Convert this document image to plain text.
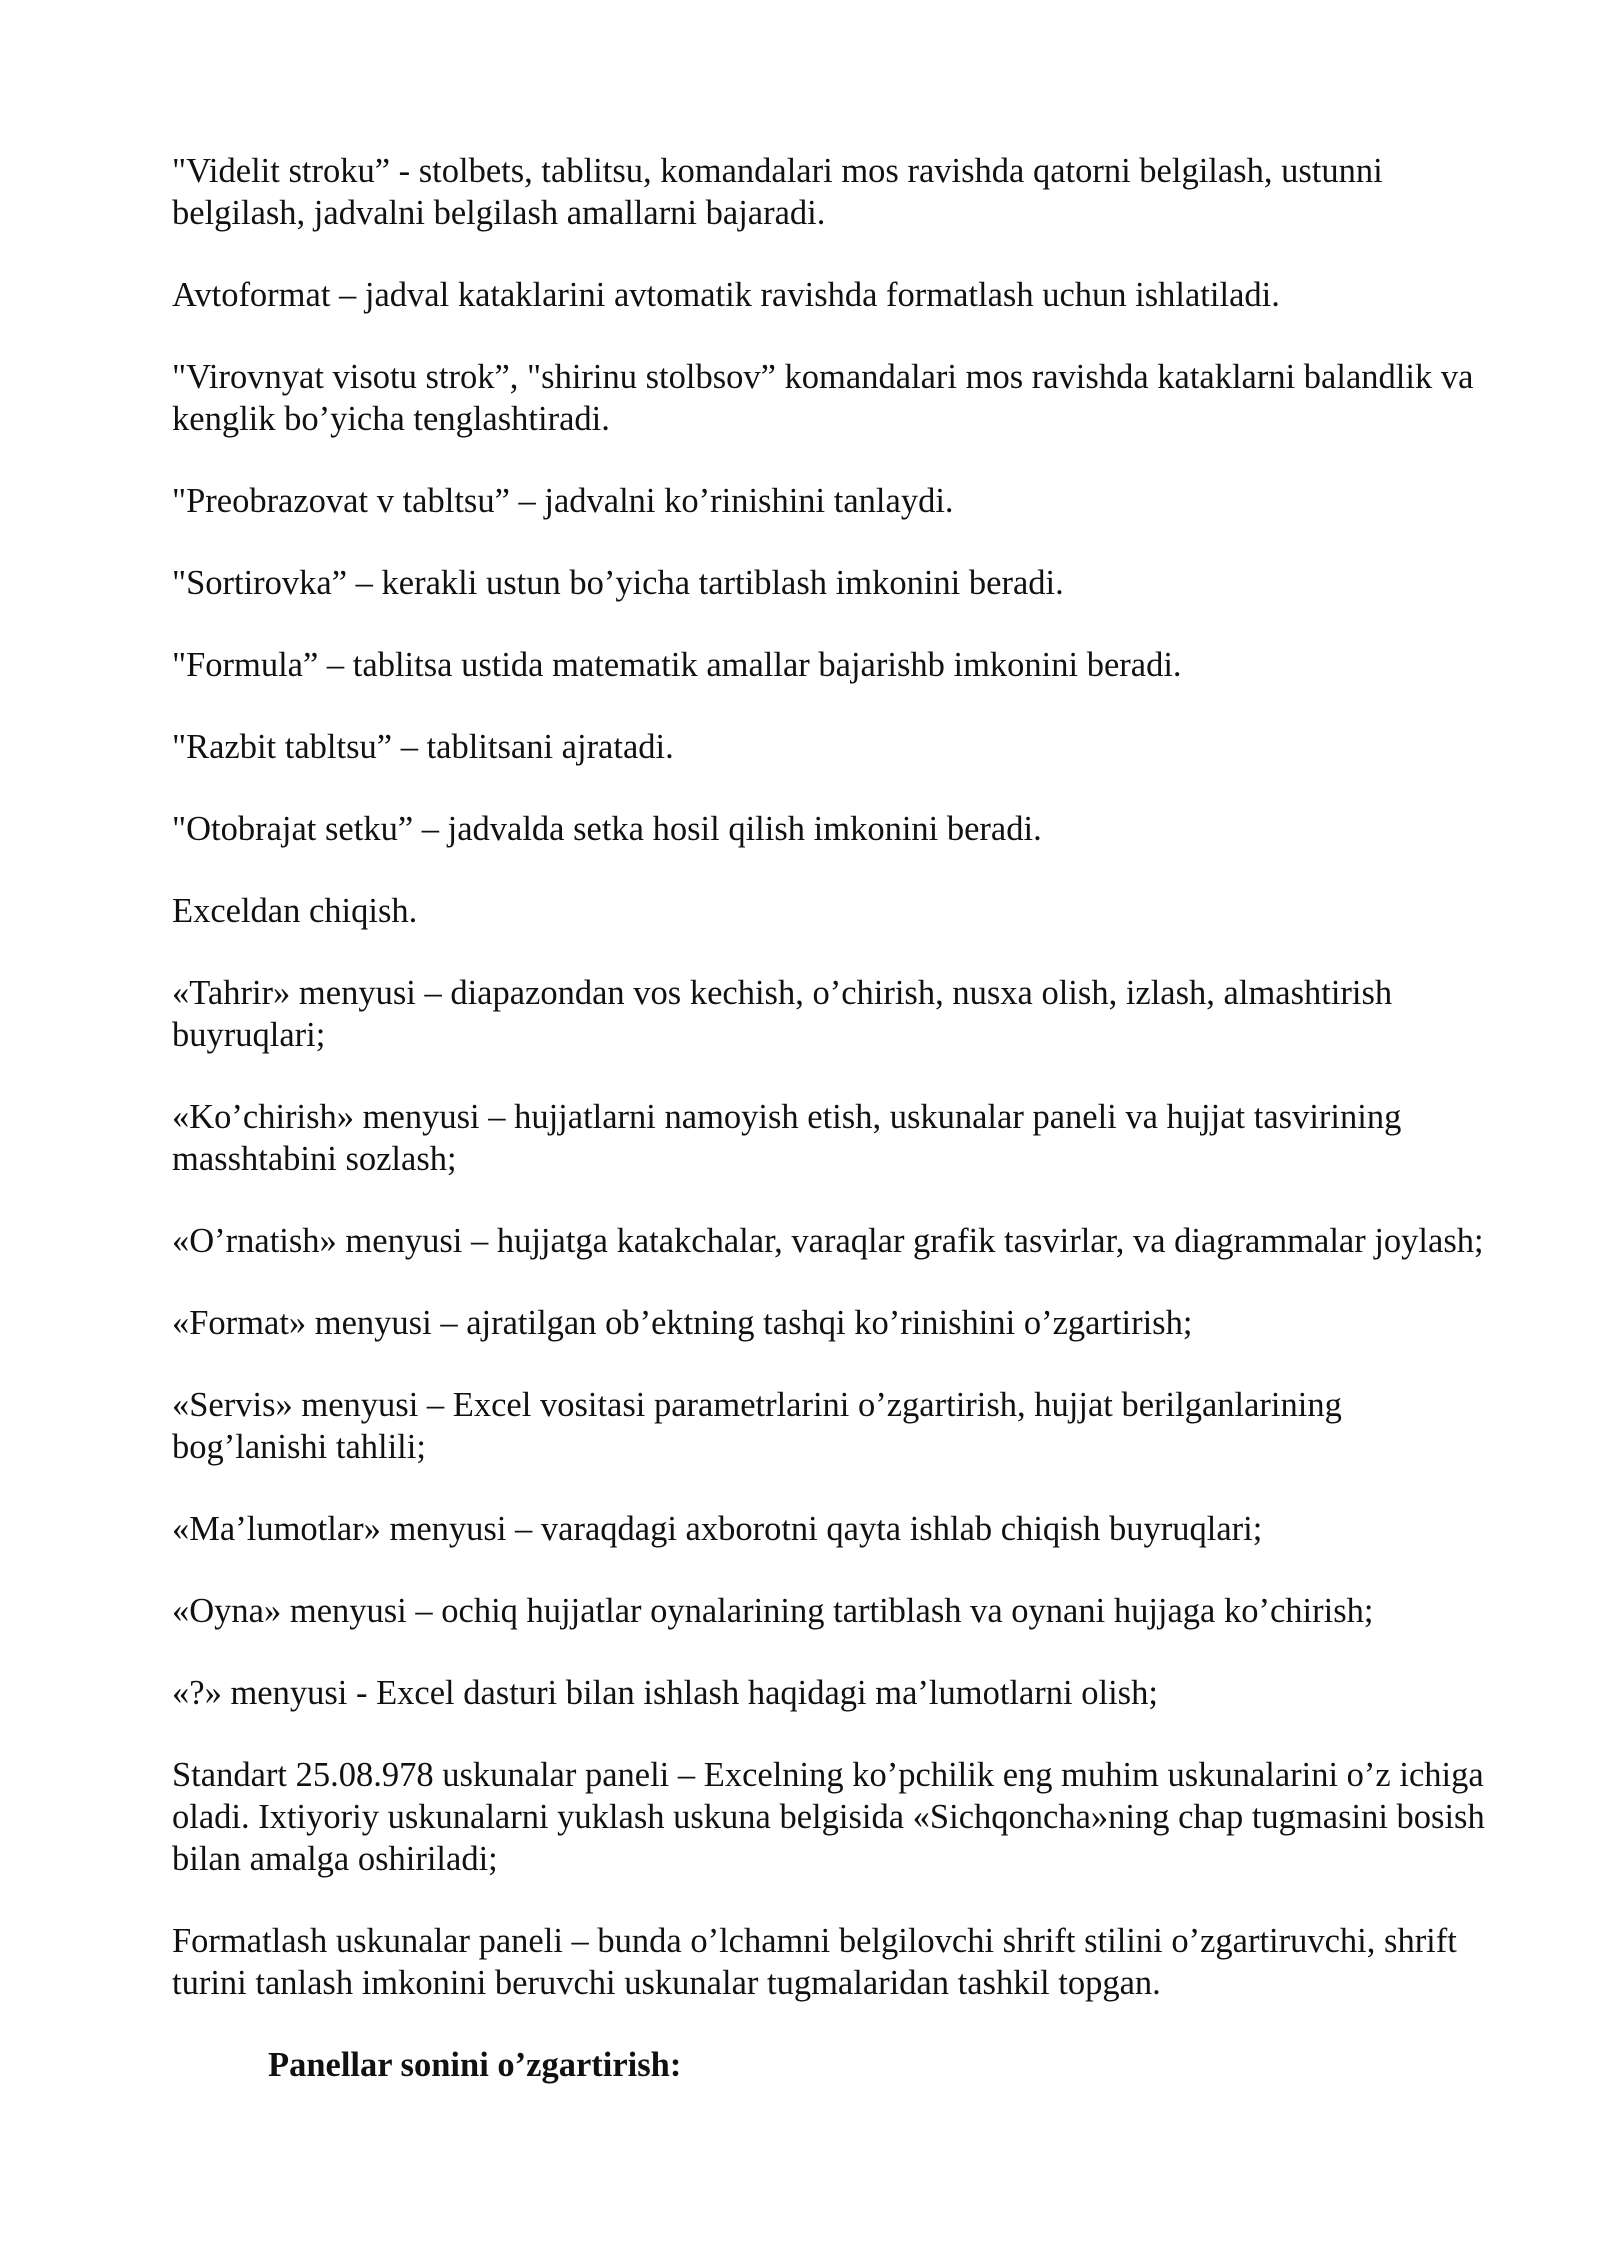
"Videlit stroku” - stolbets, tablitsu, komandalari mos ravishda qatorni belgilash, ustunni belgilash, jadvalni belgilash amallarni bajaradi.

Avtoformat – jadval kataklarini avtomatik ravishda formatlash uchun ishlatiladi.

"Virovnyat visotu strok”, "shirinu stolbsov” komandalari mos ravishda kataklarni balandlik va kenglik bo’yicha tenglashtiradi.

"Preobrazovat v tabltsu” – jadvalni ko’rinishini tanlaydi.

"Sortirovka” – kerakli ustun bo’yicha tartiblash imkonini beradi.

"Formula” – tablitsa ustida matematik amallar bajarishb imkonini beradi.

"Razbit tabltsu” – tablitsani ajratadi.

"Otobrajat setku” – jadvalda setka hosil qilish imkonini beradi.

Exceldan chiqish.

«Tahrir» menyusi – diapazondan vos kechish, o’chirish, nusxa olish, izlash, almashtirish buyruqlari;

«Ko’chirish» menyusi – hujjatlarni namoyish etish, uskunalar paneli va hujjat tasvirining masshtabini sozlash;

«O’rnatish» menyusi – hujjatga katakchalar, varaqlar grafik tasvirlar, va diagrammalar joylash;

«Format» menyusi – ajratilgan ob’ektning tashqi ko’rinishini o’zgartirish;

«Servis» menyusi – Excel vositasi parametrlarini o’zgartirish, hujjat berilganlarining bog’lanishi tahlili;

«Ma’lumotlar» menyusi – varaqdagi axborotni qayta ishlab chiqish buyruqlari;

«Oyna» menyusi – ochiq hujjatlar oynalarining tartiblash va oynani hujjaga ko’chirish;

«?» menyusi - Excel dasturi bilan ishlash haqidagi ma’lumotlarni olish;

Standart 25.08.978 uskunalar paneli – Excelning ko’pchilik eng muhim uskunalarini o’z ichiga oladi. Ixtiyoriy uskunalarni yuklash uskuna belgisida «Sichqoncha»ning chap tugmasini bosish bilan amalga oshiriladi;

Formatlash uskunalar paneli – bunda o’lchamni belgilovchi shrift stilini o’zgartiruvchi, shrift turini tanlash imkonini beruvchi uskunalar tugmalaridan tashkil topgan.

Panellar sonini o’zgartirish:
